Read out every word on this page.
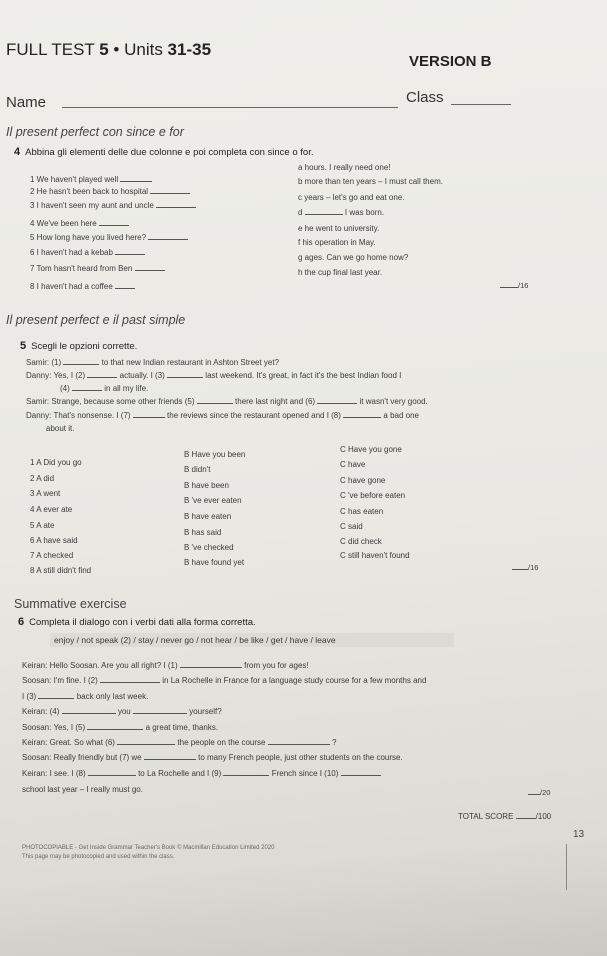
FULL TEST 5 • Units 31-35
VERSION B
Name	Class
Il present perfect con since e for
4 Abbina gli elementi delle due colonne e poi completa con since o for.
1 We haven't played well
2 He hasn't been back to hospital
3 I haven't seen my aunt and uncle
4 We've been here
5 How long have you lived here?
6 I haven't had a kebab
7 Tom hasn't heard from Ben
8 I haven't had a coffee
a hours. I really need one!
b more than ten years – I must call them.
c years – let's go and eat one.
d	I was born.
e he went to university.
f his operation in May.
g ages. Can we go home now?
h the cup final last year.
/16
Il present perfect e il past simple
5 Scegli le opzioni corrette.
Samir: (1)	to that new Indian restaurant in Ashton Street yet?
Danny: Yes, I (2)	actually. I (3)	last weekend. It's great, in fact it's the best Indian food I
(4)	in all my life.
Samir: Strange, because some other friends (5)	there last night and (6)	it wasn't very good.
Danny: That's nonsense. I (7)	the reviews since the restaurant opened and I (8)	a bad one
about it.
1 A Did you go
B Have you been
C Have you gone
2 A did
B didn't
C have
3 A went
B have been
C have gone
4 A ever ate
B 've ever eaten
C 've before eaten
5 A ate
B have eaten
C has eaten
6 A have said
B has said
C said
7 A checked
B 've checked
C did check
8 A still didn't find
B have found yet
C still haven't found
/16
Summative exercise
6 Completa il dialogo con i verbi dati alla forma corretta.
enjoy / not speak (2) / stay / never go / not hear / be like / get / have / leave
Keiran: Hello Soosan. Are you all right? I (1)	from you for ages!
Soosan: I'm fine. I (2)	in La Rochelle in France for a language study course for a few months and
I (3)	back only last week.
Keiran: (4)	you	yourself?
Soosan: Yes, I (5)	a great time, thanks.
Keiran: Great. So what (6)	the people on the course	?
Soosan: Really friendly but (7) we	to many French people, just other students on the course.
Keiran: I see. I (8)	to La Rochelle and I (9)	French since I (10)
school last year – I really must go.	/20
TOTAL SCORE	/100
13
PHOTOCOPIABLE - Get Inside Grammar Teacher's Book © Macmillan Education Limited 2020
This page may be photocopied and used within the class.
